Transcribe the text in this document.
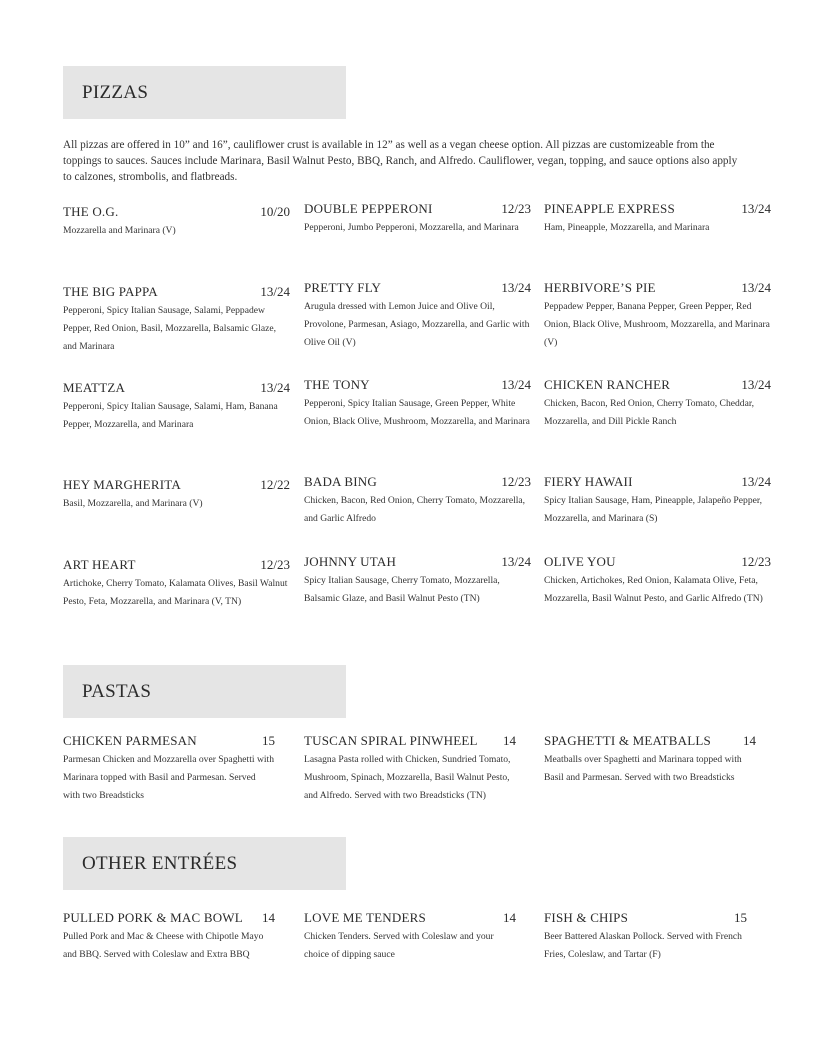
PIZZAS
All pizzas are offered in 10” and 16”, cauliflower crust is available in 12” as well as a vegan cheese option. All pizzas are customizeable from the toppings to sauces. Sauces include Marinara, Basil Walnut Pesto, BBQ, Ranch, and Alfredo. Cauliflower, vegan, topping, and sauce options also apply to calzones, strombolis, and flatbreads.
THE O.G.	10/20
Mozzarella and Marinara (V)
DOUBLE PEPPERONI	12/23
Pepperoni, Jumbo Pepperoni, Mozzarella, and Marinara
PINEAPPLE EXPRESS	13/24
Ham, Pineapple, Mozzarella, and Marinara
THE BIG PAPPA	13/24
Pepperoni, Spicy Italian Sausage, Salami, Peppadew Pepper, Red Onion, Basil, Mozzarella, Balsamic Glaze, and Marinara
PRETTY FLY	13/24
Arugula dressed with Lemon Juice and Olive Oil, Provolone, Parmesan, Asiago, Mozzarella, and Garlic with Olive Oil (V)
HERBIVORE’S PIE	13/24
Peppadew Pepper, Banana Pepper, Green Pepper, Red Onion, Black Olive, Mushroom, Mozzarella, and Marinara (V)
MEATTZA	13/24
Pepperoni, Spicy Italian Sausage, Salami, Ham, Banana Pepper, Mozzarella, and Marinara
THE TONY	13/24
Pepperoni, Spicy Italian Sausage, Green Pepper, White Onion, Black Olive, Mushroom, Mozzarella, and Marinara
CHICKEN RANCHER	13/24
Chicken, Bacon, Red Onion, Cherry Tomato, Cheddar, Mozzarella, and Dill Pickle Ranch
HEY MARGHERITA	12/22
Basil, Mozzarella, and Marinara (V)
BADA BING	12/23
Chicken, Bacon, Red Onion, Cherry Tomato, Mozzarella, and Garlic Alfredo
FIERY HAWAII	13/24
Spicy Italian Sausage, Ham, Pineapple, Jalapeño Pepper, Mozzarella, and Marinara (S)
ART HEART	12/23
Artichoke, Cherry Tomato, Kalamata Olives, Basil Walnut Pesto, Feta, Mozzarella, and Marinara (V, TN)
JOHNNY UTAH	13/24
Spicy Italian Sausage, Cherry Tomato, Mozzarella, Balsamic Glaze, and Basil Walnut Pesto (TN)
OLIVE YOU	12/23
Chicken, Artichokes, Red Onion, Kalamata Olive, Feta, Mozzarella, Basil Walnut Pesto, and Garlic Alfredo (TN)
PASTAS
CHICKEN PARMESAN	15
Parmesan Chicken and Mozzarella over Spaghetti with Marinara topped with Basil and Parmesan. Served with two Breadsticks
TUSCAN SPIRAL PINWHEEL 14
Lasagna Pasta rolled with Chicken, Sundried Tomato, Mushroom, Spinach, Mozzarella, Basil Walnut Pesto, and Alfredo. Served with two Breadsticks (TN)
SPAGHETTI & MEATBALLS 14
Meatballs over Spaghetti and Marinara topped with Basil and Parmesan. Served with two Breadsticks
OTHER ENTRÉES
PULLED PORK & MAC BOWL 14
Pulled Pork and Mac & Cheese with Chipotle Mayo and BBQ. Served with Coleslaw and Extra BBQ
LOVE ME TENDERS	14
Chicken Tenders. Served with Coleslaw and your choice of dipping sauce
FISH & CHIPS	15
Beer Battered Alaskan Pollock. Served with French Fries, Coleslaw, and Tartar (F)
